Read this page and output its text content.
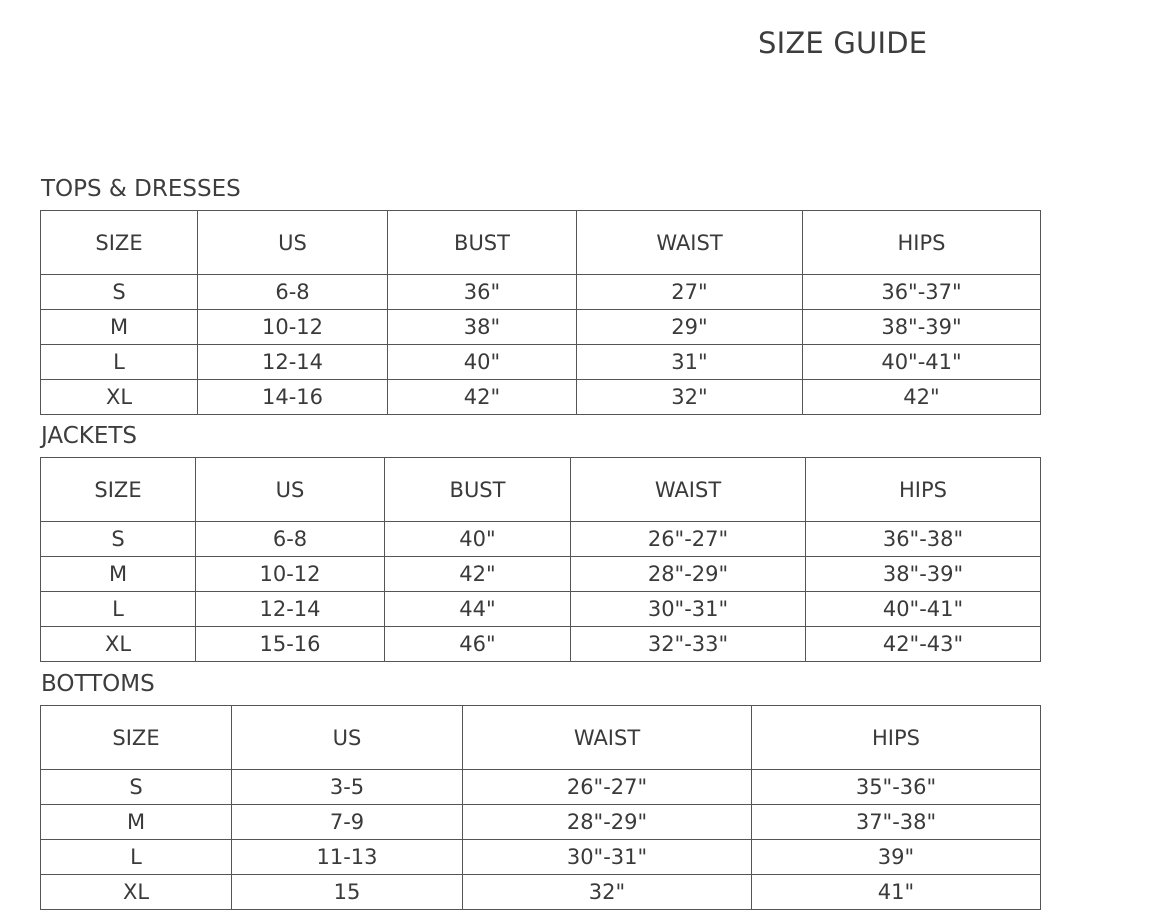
SIZE GUIDE
TOPS & DRESSES
SIZE	US	BUST	WAIST	HIPS
S	6-8	36"	27"	36"-37"
M	10-12	38"	29"	38"-39"
L	12-14	40"	31"	40"-41"
XL	14-16	42"	32"	42"
JACKETS
SIZE	US	BUST	WAIST	HIPS
S	6-8	40"	26"-27"	36"-38"
M	10-12	42"	28"-29"	38"-39"
L	12-14	44"	30"-31"	40"-41"
XL	15-16	46"	32"-33"	42"-43"
BOTTOMS
SIZE	US	WAIST	HIPS
S	3-5	26"-27"	35"-36"
M	7-9	28"-29"	37"-38"
L	11-13	30"-31"	39"
XL	15	32"	41"
